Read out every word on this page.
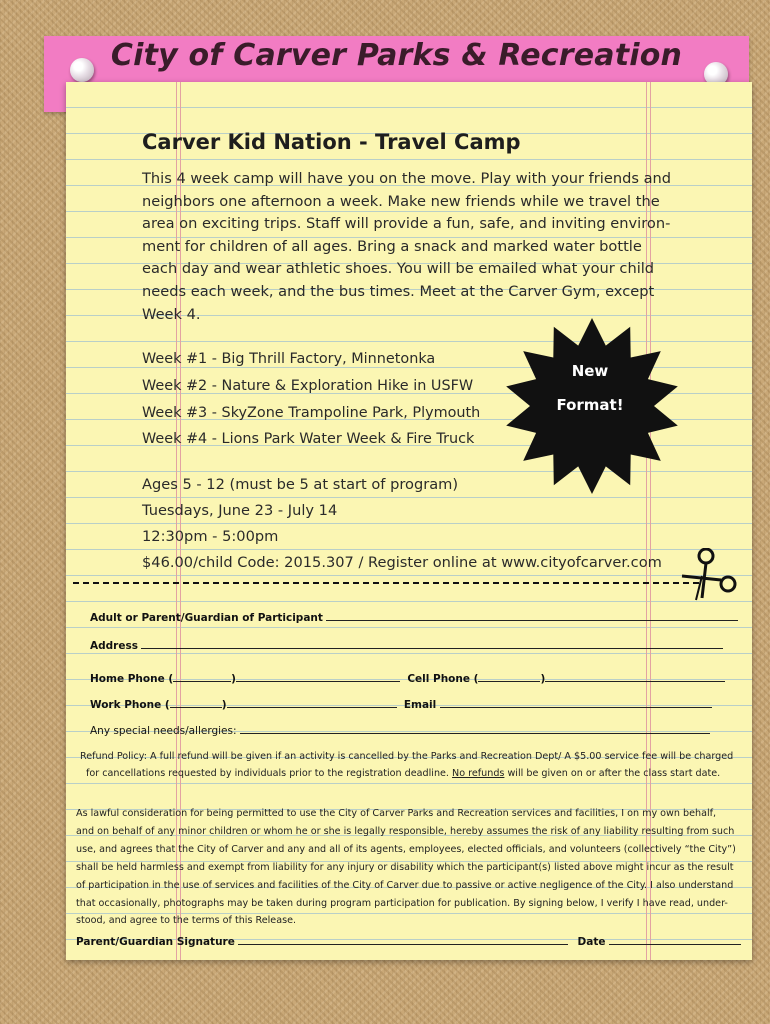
City of Carver Parks & Recreation
Carver Kid Nation - Travel Camp
This 4 week camp will have you on the move. Play with your friends and neighbors one afternoon a week. Make new friends while we travel the area on exciting trips. Staff will provide a fun, safe, and inviting environ-ment for children of all ages. Bring a snack and marked water bottle each day and wear athletic shoes. You will be emailed what your child needs each week, and the bus times. Meet at the Carver Gym, except Week 4.
Week #1 - Big Thrill Factory, Minnetonka
Week #2 - Nature & Exploration Hike in USFW
Week #3 - SkyZone Trampoline Park, Plymouth
Week #4 - Lions Park Water Week & Fire Truck
New
Format!
Ages 5 - 12 (must be 5 at start of program)
Tuesdays, June 23 - July 14
12:30pm - 5:00pm
$46.00/child Code: 2015.307 / Register online at www.cityofcarver.com
Adult or Parent/Guardian of Participant
Address
Home Phone (	)	Cell Phone (	)
Work Phone (	)	Email
Any special needs/allergies:
Refund Policy: A full refund will be given if an activity is cancelled by the Parks and Recreation Dept/ A $5.00 service fee will be charged
for cancellations requested by individuals prior to the registration deadline. No refunds will be given on or after the class start date.
As lawful consideration for being permitted to use the City of Carver Parks and Recreation services and facilities, I on my own behalf,
and on behalf of any minor children or whom he or she is legally responsible, hereby assumes the risk of any liability resulting from such
use, and agrees that the City of Carver and any and all of its agents, employees, elected officials, and volunteers (collectively “the City”)
shall be held harmless and exempt from liability for any injury or disability which the participant(s) listed above might incur as the result
of participation in the use of services and facilities of the City of Carver due to passive or active negligence of the City. I also understand
that occasionally, photographs may be taken during program participation for publication. By signing below, I verify I have read, under-
stood, and agree to the terms of this Release.
Parent/Guardian Signature	Date
